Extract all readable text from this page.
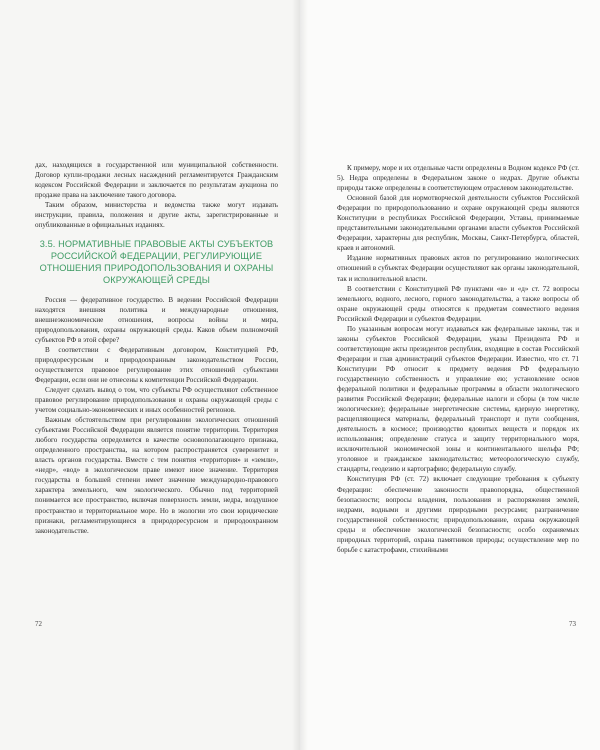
дах, находящихся в государственной или муниципальной собственности. Договор купли-продажи лесных насаждений регламентируется Гражданским кодексом Российской Федерации и заключается по результатам аукциона по продаже права на заключение такого договора.

Таким образом, министерства и ведомства также могут издавать инструкции, правила, положения и другие акты, зарегистрированные и опубликованные в официальных изданиях.

3.5. НОРМАТИВНЫЕ ПРАВОВЫЕ АКТЫ СУБЪЕКТОВ РОССИЙСКОЙ ФЕДЕРАЦИИ, РЕГУЛИРУЮЩИЕ ОТНОШЕНИЯ ПРИРОДОПОЛЬЗОВАНИЯ И ОХРАНЫ ОКРУЖАЮЩЕЙ СРЕДЫ

Россия — федеративное государство. В ведении Российской Федерации находятся внешняя политика и международные отношения, внешнеэкономические отношения, вопросы войны и мира, природопользования, охраны окружающей среды. Каков объем полномочий субъектов РФ в этой сфере?

В соответствии с Федеративным договором, Конституцией РФ, природоресурсным и природоохранным законодательством России, осуществляется правовое регулирование этих отношений субъектами Федерации, если они не отнесены к компетенции Российской Федерации.

Следует сделать вывод о том, что субъекты РФ осуществляют собственное правовое регулирование природопользования и охраны окружающей среды с учетом социально-экономических и иных особенностей регионов.

Важным обстоятельством при регулировании экологических отношений субъектами Российской Федерации является понятие территории. Территория любого государства определяется в качестве основополагающего признака, определенного пространства, на котором распространяется суверенитет и власть органов государства. Вместе с тем понятия «территория» и «земли», «недр», «вод» в экологическом праве имеют иное значение. Территория государства в большей степени имеет значение международно-правового характера земельного, чем экологического. Обычно под территорией понимается все пространство, включая поверхность земли, недра, воздушное пространство и территориальное море. Но в экологии это свои юридические признаки, регламентирующиеся в природоресурсном и природоохранном законодательстве.

72

К примеру, море и их отдельные части определены в Водном кодексе РФ (ст. 5). Недра определены в Федеральном законе о недрах. Другие объекты природы также определены в соответствующем отраслевом законодательстве.

Основной базой для нормотворческой деятельности субъектов Российской Федерации по природопользованию и охране окружающей среды являются Конституции в республиках Российской Федерации, Уставы, принимаемые представительными законодательными органами власти субъектов Российской Федерации, характерны для республик, Москвы, Санкт-Петербурга, областей, краев и автономий.

Издание нормативных правовых актов по регулированию экологических отношений в субъектах Федерации осуществляют как органы законодательной, так и исполнительной власти.

В соответствии с Конституцией РФ пунктами «в» и «д» ст. 72 вопросы земельного, водного, лесного, горного законодательства, а также вопросы об охране окружающей среды относятся к предметам совместного ведения Российской Федерации и субъектов Федерации.

По указанным вопросам могут издаваться как федеральные законы, так и законы субъектов Российской Федерации, указы Президента РФ и соответствующие акты президентов республик, входящие в состав Российской Федерации и глав администраций субъектов Федерации. Известно, что ст. 71 Конституции РФ относит к предмету ведения РФ федеральную государственную собственность и управление ею; установление основ федеральной политики и федеральные программы в области экологического развития Российской Федерации; федеральные налоги и сборы (в том числе экологические); федеральные энергетические системы, ядерную энергетику, расщепляющиеся материалы, федеральный транспорт и пути сообщения, деятельность в космосе; производство ядовитых веществ и порядок их использования; определение статуса и защиту территориального моря, исключительной экономической зоны и континентального шельфа РФ; уголовное и гражданское законодательство; метеорологическую службу, стандарты, геодезию и картографию; федеральную службу.

Конституция РФ (ст. 72) включает следующие требования к субъекту Федерации: обеспечение законности правопорядка, общественной безопасности; вопросы владения, пользования и распоряжения землей, недрами, водными и другими природными ресурсами; разграничение государственной собственности; природопользование, охрана окружающей среды и обеспечение экологической безопасности; особо охраняемых природных территорий, охрана памятников природы; осуществление мер по борьбе с катастрофами, стихийными

73
